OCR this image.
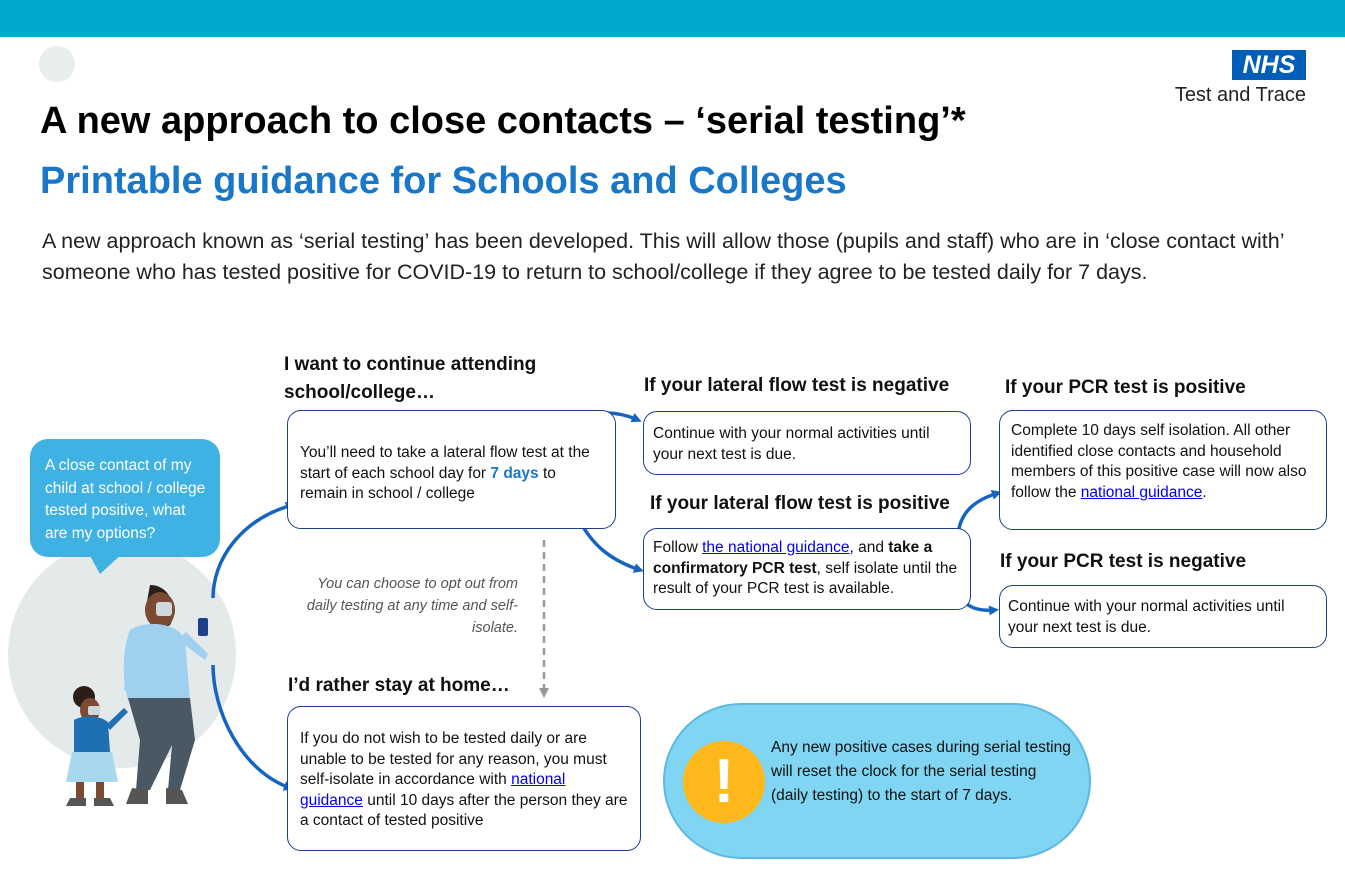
NHS
Test and Trace
A new approach to close contacts – ‘serial testing’*
Printable guidance for Schools and Colleges

A new approach known as ‘serial testing’ has been developed. This will allow those (pupils and staff) who are in ‘close contact with’ someone who has tested positive for COVID-19 to return to school/college if they agree to be tested daily for 7 days.

A close contact of my child at school / college tested positive, what are my options?

I want to continue attending school/college…

You’ll need to take a lateral flow test at the start of each school day for 7 days to remain in school / college

You can choose to opt out from daily testing at any time and self-isolate.

I’d rather stay at home…

If you do not wish to be tested daily or are unable to be tested for any reason, you must self-isolate in accordance with national guidance until 10 days after the person they are a contact of tested positive

If your lateral flow test is negative

Continue with your normal activities until your next test is due.

If your lateral flow test is positive

Follow the national guidance, and take a confirmatory PCR test, self isolate until the result of your PCR test is available.

If your PCR test is positive

Complete 10 days self isolation. All other identified close contacts and household members of this positive case will now also follow the national guidance.

If your PCR test is negative

Continue with your normal activities until your next test is due.
!	Any new positive cases during serial testing will reset the clock for the serial testing (daily testing) to the start of 7 days.
